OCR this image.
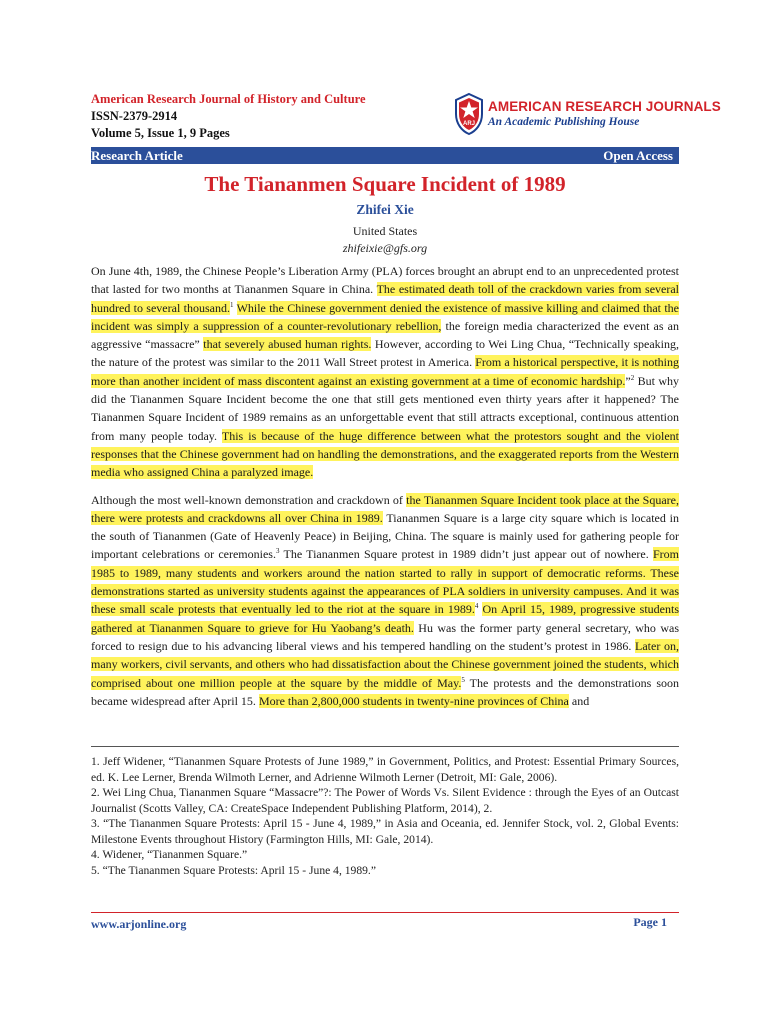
American Research Journal of History and Culture
ISSN-2379-2914
Volume 5, Issue 1, 9 Pages
ARJ
AMERICAN RESEARCH JOURNALS
An Academic Publishing House
Research Article	Open Access
The Tiananmen Square Incident of 1989
Zhifei Xie
United States
zhifeixie@gfs.org

On June 4th, 1989, the Chinese People’s Liberation Army (PLA) forces brought an abrupt end to an unprecedented protest that lasted for two months at Tiananmen Square in China. The estimated death toll of the crackdown varies from several hundred to several thousand.$^1$ While the Chinese government denied the existence of massive killing and claimed that the incident was simply a suppression of a counter-revolutionary rebellion, the foreign media characterized the event as an aggressive “massacre” that severely abused human rights. However, according to Wei Ling Chua, “Technically speaking, the nature of the protest was similar to the 2011 Wall Street protest in America. From a historical perspective, it is nothing more than another incident of mass discontent against an existing government at a time of economic hardship.”$^2$ But why did the Tiananmen Square Incident become the one that still gets mentioned even thirty years after it happened? The Tiananmen Square Incident of 1989 remains as an unforgettable event that still attracts exceptional, continuous attention from many people today. This is because of the huge difference between what the protestors sought and the violent responses that the Chinese government had on handling the demonstrations, and the exaggerated reports from the Western media who assigned China a paralyzed image.

Although the most well-known demonstration and crackdown of the Tiananmen Square Incident took place at the Square, there were protests and crackdowns all over China in 1989. Tiananmen Square is a large city square which is located in the south of Tiananmen (Gate of Heavenly Peace) in Beijing, China. The square is mainly used for gathering people for important celebrations or ceremonies.$^3$ The Tiananmen Square protest in 1989 didn’t just appear out of nowhere. From 1985 to 1989, many students and workers around the nation started to rally in support of democratic reforms. These demonstrations started as university students against the appearances of PLA soldiers in university campuses. And it was these small scale protests that eventually led to the riot at the square in 1989.$^4$ On April 15, 1989, progressive students gathered at Tiananmen Square to grieve for Hu Yaobang’s death. Hu was the former party general secretary, who was forced to resign due to his advancing liberal views and his tempered handling on the student’s protest in 1986. Later on, many workers, civil servants, and others who had dissatisfaction about the Chinese government joined the students, which comprised about one million people at the square by the middle of May.$^5$ The protests and the demonstrations soon became widespread after April 15. More than 2,800,000 students in twenty-nine provinces of China and

1. Jeff Widener, “Tiananmen Square Protests of June 1989,” in Government, Politics, and Protest: Essential Primary Sources, ed. K. Lee Lerner, Brenda Wilmoth Lerner, and Adrienne Wilmoth Lerner (Detroit, MI: Gale, 2006).
2. Wei Ling Chua, Tiananmen Square “Massacre”?: The Power of Words Vs. Silent Evidence : through the Eyes of an Outcast Journalist (Scotts Valley, CA: CreateSpace Independent Publishing Platform, 2014), 2.
3. “The Tiananmen Square Protests: April 15 - June 4, 1989,” in Asia and Oceania, ed. Jennifer Stock, vol. 2, Global Events: Milestone Events throughout History (Farmington Hills, MI: Gale, 2014).
4. Widener, “Tiananmen Square.”
5. “The Tiananmen Square Protests: April 15 - June 4, 1989.”
www.arjonline.org	Page 1
